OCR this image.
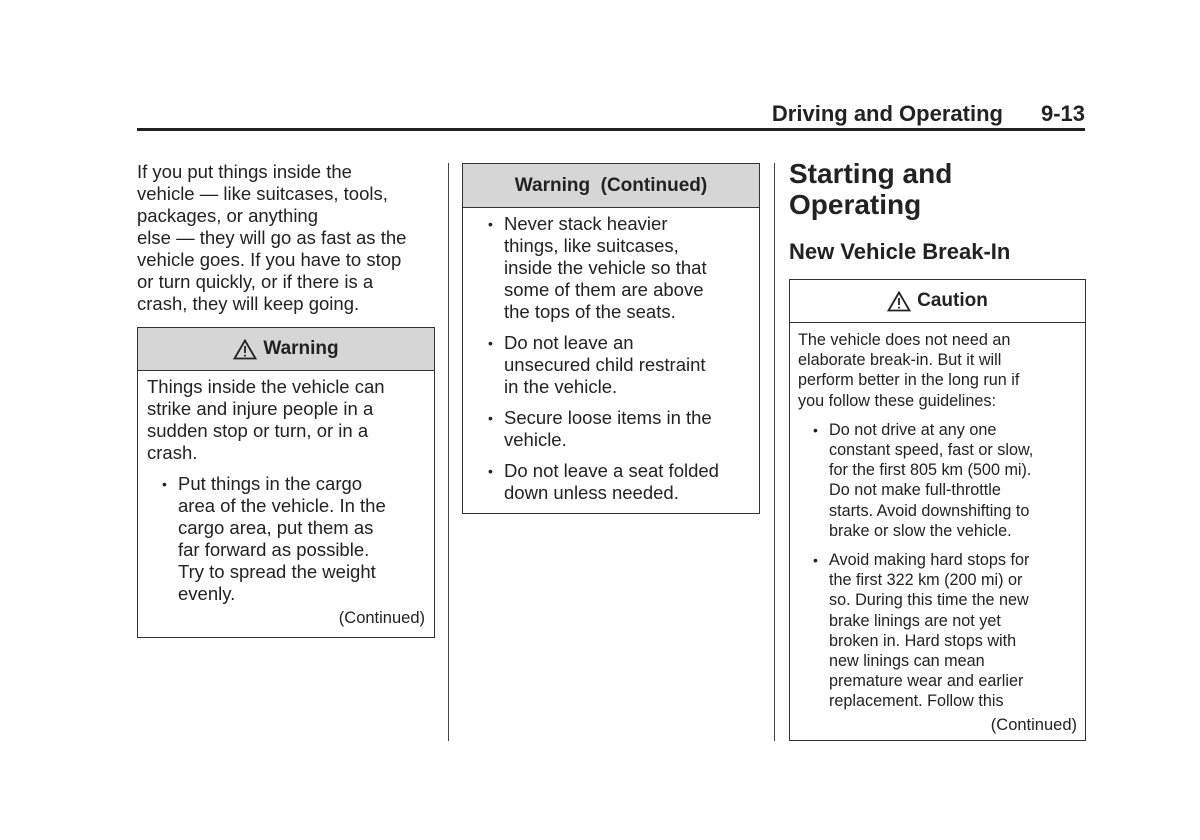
Driving and Operating 9-13
If you put things inside the
vehicle — like suitcases, tools,
packages, or anything
else — they will go as fast as the
vehicle goes. If you have to stop
or turn quickly, or if there is a
crash, they will keep going.
Warning
Things inside the vehicle can
strike and injure people in a
sudden stop or turn, or in a
crash.
• Put things in the cargo
area of the vehicle. In the
cargo area, put them as
far forward as possible.
Try to spread the weight
evenly.
(Continued)
Warning  (Continued)
• Never stack heavier
things, like suitcases,
inside the vehicle so that
some of them are above
the tops of the seats.
• Do not leave an
unsecured child restraint
in the vehicle.
• Secure loose items in the
vehicle.
• Do not leave a seat folded
down unless needed.
Starting and
Operating
New Vehicle Break-In
Caution
The vehicle does not need an
elaborate break-in. But it will
perform better in the long run if
you follow these guidelines:
• Do not drive at any one
constant speed, fast or slow,
for the first 805 km (500 mi).
Do not make full-throttle
starts. Avoid downshifting to
brake or slow the vehicle.
• Avoid making hard stops for
the first 322 km (200 mi) or
so. During this time the new
brake linings are not yet
broken in. Hard stops with
new linings can mean
premature wear and earlier
replacement. Follow this
(Continued)
